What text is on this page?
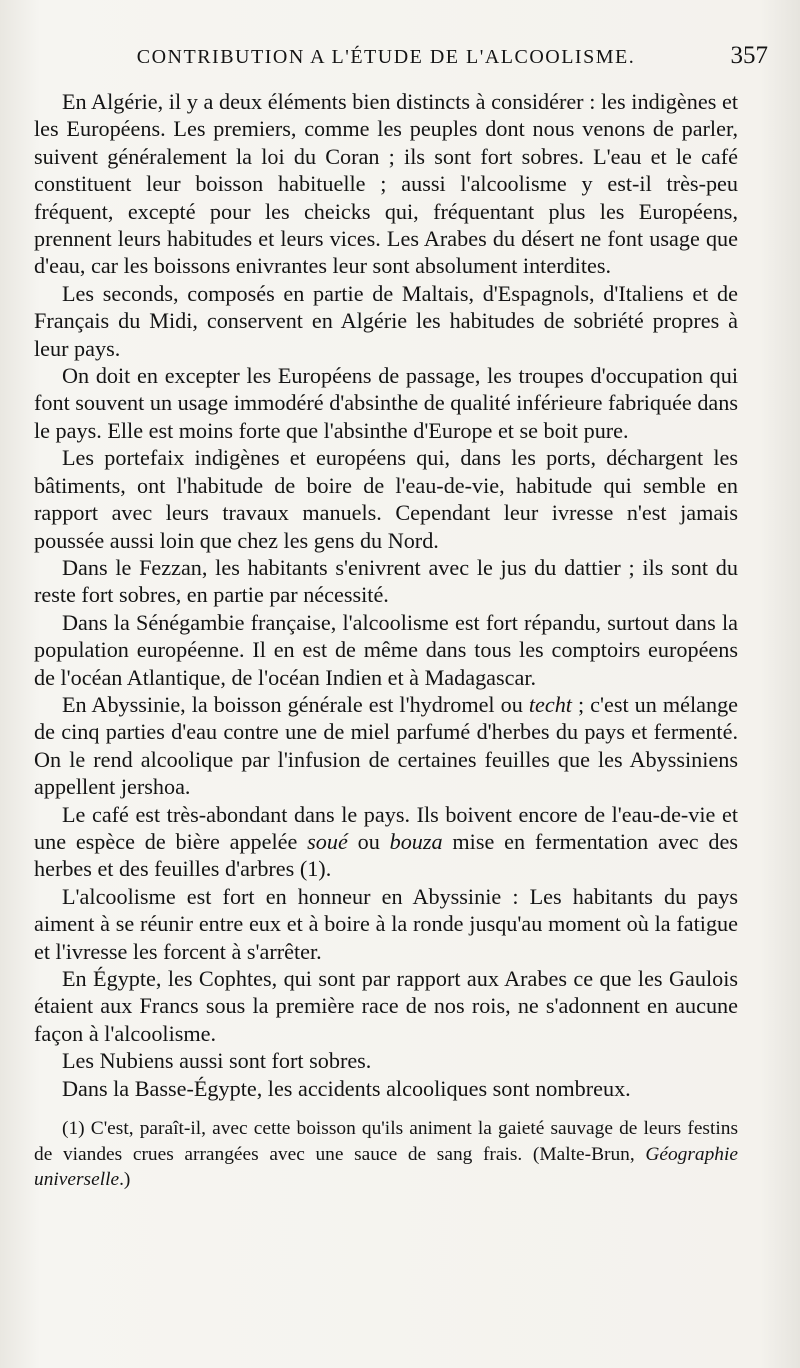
CONTRIBUTION A L'ÉTUDE DE L'ALCOOLISME.	357

En Algérie, il y a deux éléments bien distincts à considérer : les indigènes et les Européens. Les premiers, comme les peuples dont nous venons de parler, suivent généralement la loi du Coran ; ils sont fort sobres. L'eau et le café constituent leur boisson habituelle ; aussi l'alcoolisme y est-il très-peu fréquent, excepté pour les cheicks qui, fréquentant plus les Européens, prennent leurs habitudes et leurs vices. Les Arabes du désert ne font usage que d'eau, car les boissons enivrantes leur sont absolument interdites.

Les seconds, composés en partie de Maltais, d'Espagnols, d'Italiens et de Français du Midi, conservent en Algérie les habitudes de sobriété propres à leur pays.

On doit en excepter les Européens de passage, les troupes d'occupation qui font souvent un usage immodéré d'absinthe de qualité inférieure fabriquée dans le pays. Elle est moins forte que l'absinthe d'Europe et se boit pure.

Les portefaix indigènes et européens qui, dans les ports, déchargent les bâtiments, ont l'habitude de boire de l'eau-de-vie, habitude qui semble en rapport avec leurs travaux manuels. Cependant leur ivresse n'est jamais poussée aussi loin que chez les gens du Nord.

Dans le Fezzan, les habitants s'enivrent avec le jus du dattier ; ils sont du reste fort sobres, en partie par nécessité.

Dans la Sénégambie française, l'alcoolisme est fort répandu, surtout dans la population européenne. Il en est de même dans tous les comptoirs européens de l'océan Atlantique, de l'océan Indien et à Madagascar.

En Abyssinie, la boisson générale est l'hydromel ou techt ; c'est un mélange de cinq parties d'eau contre une de miel parfumé d'herbes du pays et fermenté. On le rend alcoolique par l'infusion de certaines feuilles que les Abyssiniens appellent jershoa.

Le café est très-abondant dans le pays. Ils boivent encore de l'eau-de-vie et une espèce de bière appelée soué ou bouza mise en fermentation avec des herbes et des feuilles d'arbres (1).

L'alcoolisme est fort en honneur en Abyssinie : Les habitants du pays aiment à se réunir entre eux et à boire à la ronde jusqu'au moment où la fatigue et l'ivresse les forcent à s'arrêter.

En Égypte, les Cophtes, qui sont par rapport aux Arabes ce que les Gaulois étaient aux Francs sous la première race de nos rois, ne s'adonnent en aucune façon à l'alcoolisme.

Les Nubiens aussi sont fort sobres.

Dans la Basse-Égypte, les accidents alcooliques sont nombreux.

(1) C'est, paraît-il, avec cette boisson qu'ils animent la gaieté sauvage de leurs festins de viandes crues arrangées avec une sauce de sang frais. (Malte-Brun, Géographie universelle.)
